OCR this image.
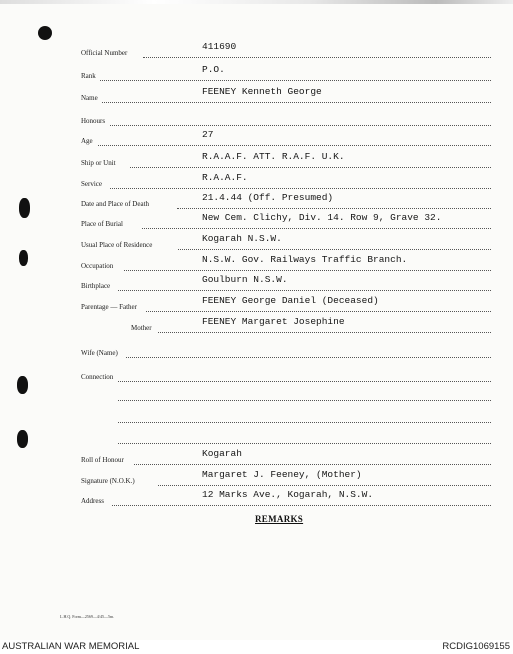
Official Number
411690
Rank
P.O.
Name
FEENEY Kenneth George
Honours
Age
27
Ship or Unit
R.A.A.F. ATT. R.A.F. U.K.
Service
R.A.A.F.
Date and Place of Death
21.4.44 (Off. Presumed)
Place of Burial
New Cem. Clichy, Div. 14. Row 9, Grave 32.
Usual Place of Residence
Kogarah N.S.W.
Occupation
N.S.W. Gov. Railways Traffic Branch.
Birthplace
Goulburn N.S.W.
Parentage — Father
FEENEY George Daniel (Deceased)
Mother
FEENEY Margaret Josephine
Wife (Name)
Connection
Roll of Honour
Kogarah
Signature (N.O.K.)
Margaret J. Feeney, (Mother)
Address
12 Marks Ave., Kogarah, N.S.W.
REMARKS
L.H.Q. Form—2569—4/45—5m.
AUSTRALIAN WAR MEMORIAL	RCDIG1069155
